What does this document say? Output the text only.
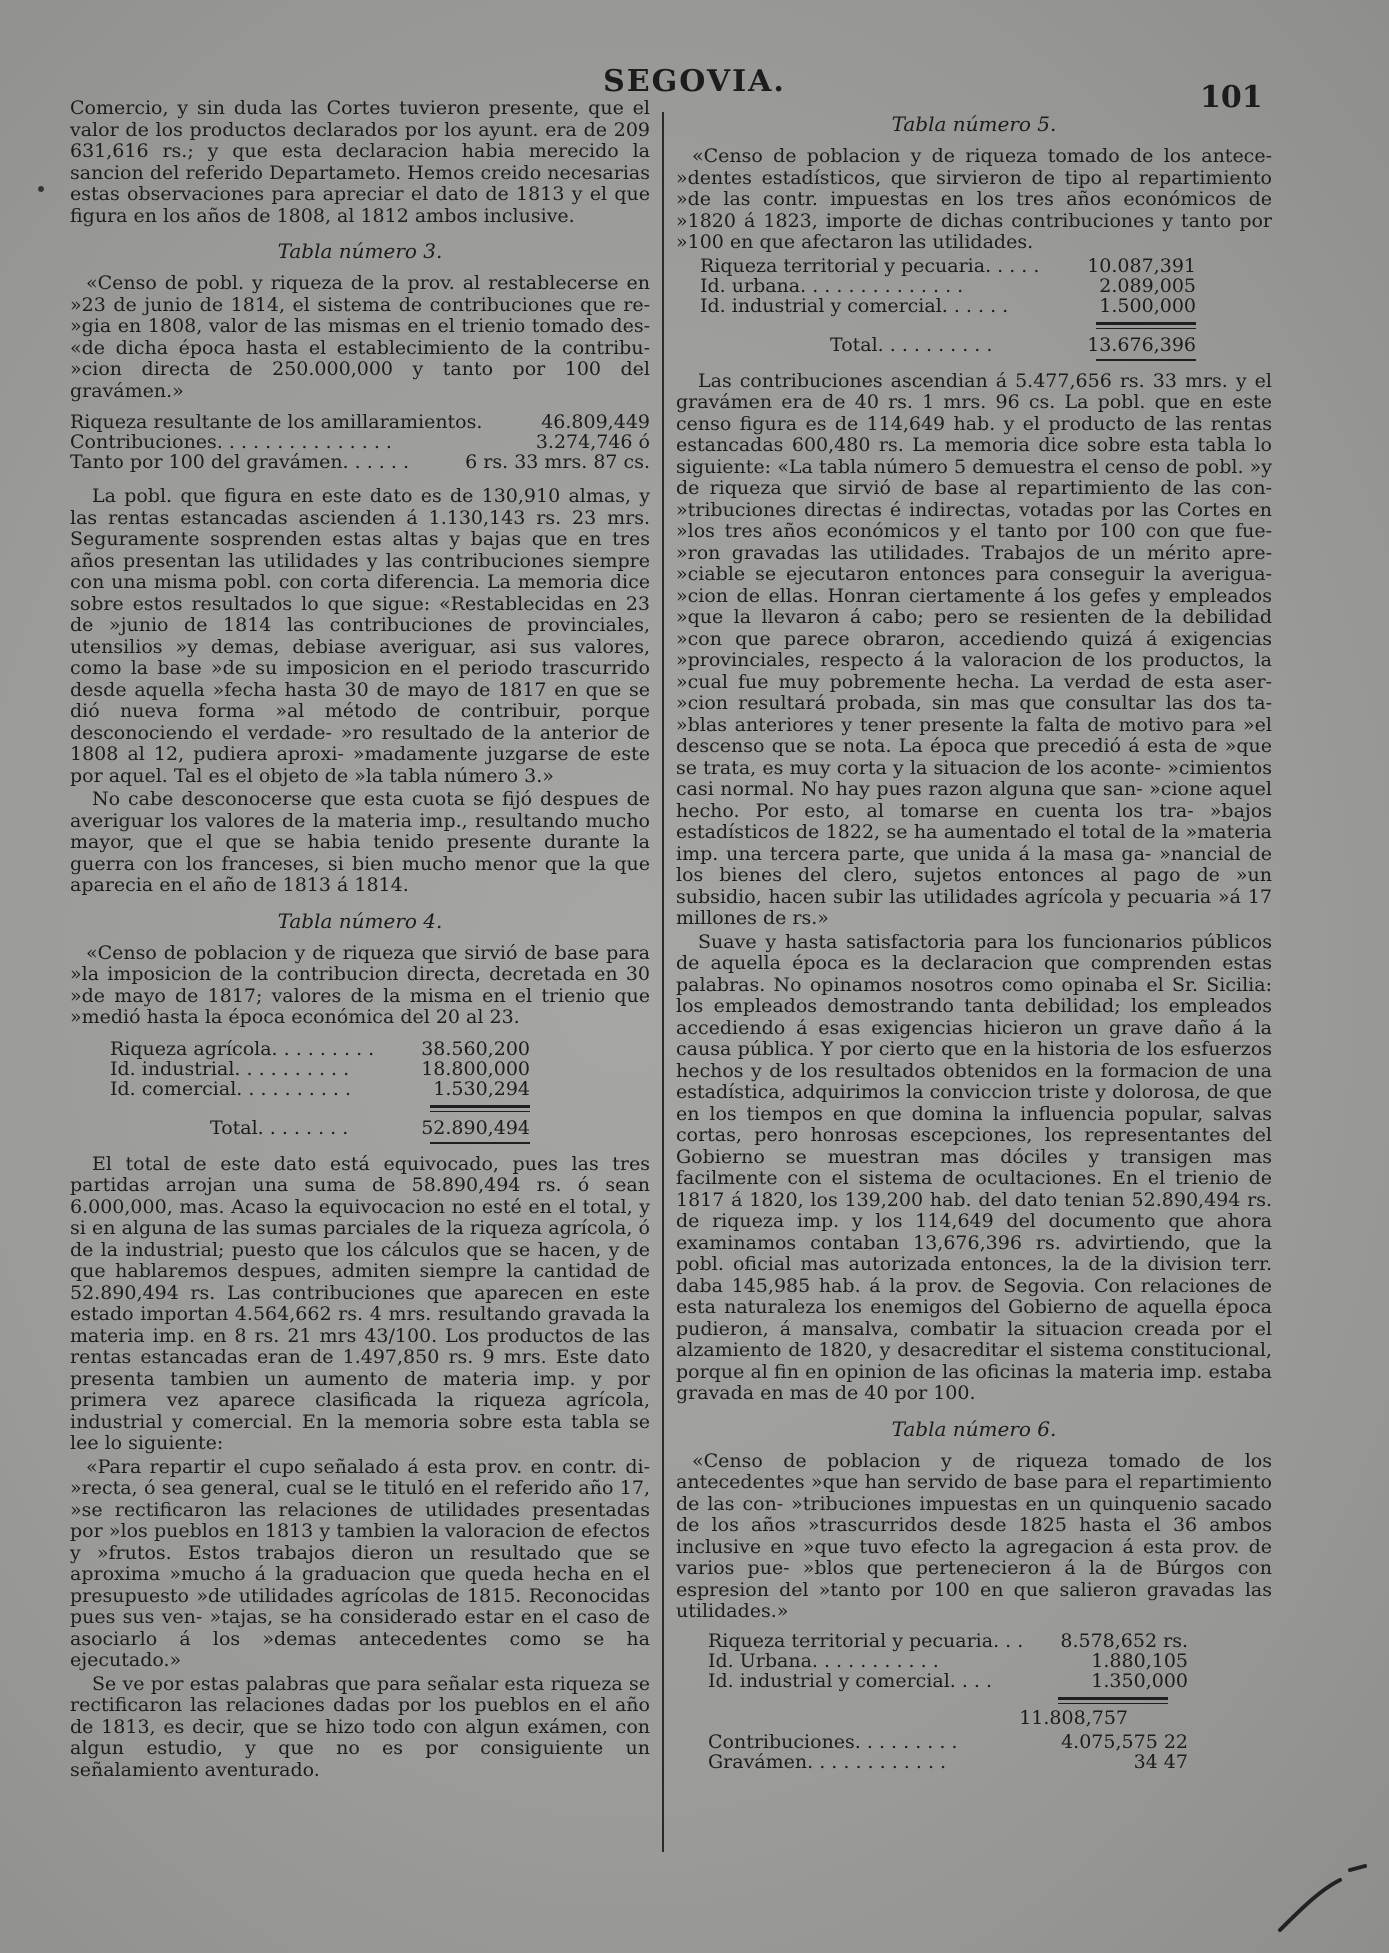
SEGOVIA.	101

Comercio, y sin duda las Cortes tuvieron presente, que el valor de los productos declarados por los ayunt. era de 209 631,616 rs.; y que esta declaracion habia merecido la sancion del referido Departameto. Hemos creido necesarias estas observaciones para apreciar el dato de 1813 y el que figura en los años de 1808, al 1812 ambos inclusive.

Tabla número 3.

«Censo de pobl. y riqueza de la prov. al restablecerse en »23 de junio de 1814, el sistema de contribuciones que re- »gia en 1808, valor de las mismas en el trienio tomado des- «de dicha época hasta el establecimiento de la contribu- »cion directa de 250.000,000 y tanto por 100 del gravámen.»

Riqueza resultante de los amillaramientos.	46.809,449
Contribuciones. . . . . . . . . . . . . . .	3.274,746 ó
Tanto por 100 del gravámen. . . . . .	6 rs. 33 mrs. 87 cs.

La pobl. que figura en este dato es de 130,910 almas, y las rentas estancadas ascienden á 1.130,143 rs. 23 mrs. Seguramente sosprenden estas altas y bajas que en tres años presentan las utilidades y las contribuciones siempre con una misma pobl. con corta diferencia. La memoria dice sobre estos resultados lo que sigue: «Restablecidas en 23 de »junio de 1814 las contribuciones de provinciales, utensilios »y demas, debiase averiguar, asi sus valores, como la base »de su imposicion en el periodo trascurrido desde aquella »fecha hasta 30 de mayo de 1817 en que se dió nueva forma »al método de contribuir, porque desconociendo el verdade- »ro resultado de la anterior de 1808 al 12, pudiera aproxi- »madamente juzgarse de este por aquel. Tal es el objeto de »la tabla número 3.»

No cabe desconocerse que esta cuota se fijó despues de averiguar los valores de la materia imp., resultando mucho mayor, que el que se habia tenido presente durante la guerra con los franceses, si bien mucho menor que la que aparecia en el año de 1813 á 1814.

Tabla número 4.

«Censo de poblacion y de riqueza que sirvió de base para »la imposicion de la contribucion directa, decretada en 30 »de mayo de 1817; valores de la misma en el trienio que »medió hasta la época económica del 20 al 23.

Riqueza agrícola. . . . . . . . . 38.560,200
Id. industrial. . . . . . . . . .	18.800,000
Id. comercial. . . . . . . . . .	1.530,294
Total. . . . . . . .	52.890,494

El total de este dato está equivocado, pues las tres partidas arrojan una suma de 58.890,494 rs. ó sean 6.000,000, mas. Acaso la equivocacion no esté en el total, y si en alguna de las sumas parciales de la riqueza agrícola, ó de la industrial; puesto que los cálculos que se hacen, y de que hablaremos despues, admiten siempre la cantidad de 52.890,494 rs. Las contribuciones que aparecen en este estado importan 4.564,662 rs. 4 mrs. resultando gravada la materia imp. en 8 rs. 21 mrs 43/100. Los productos de las rentas estancadas eran de 1.497,850 rs. 9 mrs. Este dato presenta tambien un aumento de materia imp. y por primera vez aparece clasificada la riqueza agrícola, industrial y comercial. En la memoria sobre esta tabla se lee lo siguiente:

«Para repartir el cupo señalado á esta prov. en contr. di- »recta, ó sea general, cual se le tituló en el referido año 17, »se rectificaron las relaciones de utilidades presentadas por »los pueblos en 1813 y tambien la valoracion de efectos y »frutos. Estos trabajos dieron un resultado que se aproxima »mucho á la graduacion que queda hecha en el presupuesto »de utilidades agrícolas de 1815. Reconocidas pues sus ven- »tajas, se ha considerado estar en el caso de asociarlo á los »demas antecedentes como se ha ejecutado.»

Se ve por estas palabras que para señalar esta riqueza se rectificaron las relaciones dadas por los pueblos en el año de 1813, es decir, que se hizo todo con algun exámen, con algun estudio, y que no es por consiguiente un señalamiento aventurado.

Tabla número 5.

«Censo de poblacion y de riqueza tomado de los antece- »dentes estadísticos, que sirvieron de tipo al repartimiento »de las contr. impuestas en los tres años económicos de »1820 á 1823, importe de dichas contribuciones y tanto por »100 en que afectaron las utilidades.

Riqueza territorial y pecuaria. . . . .	10.087,391
Id. urbana. . . . . . . . . . . . . .	2.089,005
Id. industrial y comercial. . . . . .	1.500,000
Total. . . . . . . . . .	13.676,396

Las contribuciones ascendian á 5.477,656 rs. 33 mrs. y el gravámen era de 40 rs. 1 mrs. 96 cs. La pobl. que en este censo figura es de 114,649 hab. y el producto de las rentas estancadas 600,480 rs. La memoria dice sobre esta tabla lo siguiente: «La tabla número 5 demuestra el censo de pobl. »y de riqueza que sirvió de base al repartimiento de las con- »tribuciones directas é indirectas, votadas por las Cortes en »los tres años económicos y el tanto por 100 con que fue- »ron gravadas las utilidades. Trabajos de un mérito apre- »ciable se ejecutaron entonces para conseguir la averigua- »cion de ellas. Honran ciertamente á los gefes y empleados »que la llevaron á cabo; pero se resienten de la debilidad »con que parece obraron, accediendo quizá á exigencias »provinciales, respecto á la valoracion de los productos, la »cual fue muy pobremente hecha. La verdad de esta aser- »cion resultará probada, sin mas que consultar las dos ta- »blas anteriores y tener presente la falta de motivo para »el descenso que se nota. La época que precedió á esta de »que se trata, es muy corta y la situacion de los aconte- »cimientos casi normal. No hay pues razon alguna que san- »cione aquel hecho. Por esto, al tomarse en cuenta los tra- »bajos estadísticos de 1822, se ha aumentado el total de la »materia imp. una tercera parte, que unida á la masa ga- »nancial de los bienes del clero, sujetos entonces al pago de »un subsidio, hacen subir las utilidades agrícola y pecuaria »á 17 millones de rs.»

Suave y hasta satisfactoria para los funcionarios públicos de aquella época es la declaracion que comprenden estas palabras. No opinamos nosotros como opinaba el Sr. Sicilia: los empleados demostrando tanta debilidad; los empleados accediendo á esas exigencias hicieron un grave daño á la causa pública. Y por cierto que en la historia de los esfuerzos hechos y de los resultados obtenidos en la formacion de una estadística, adquirimos la conviccion triste y dolorosa, de que en los tiempos en que domina la influencia popular, salvas cortas, pero honrosas escepciones, los representantes del Gobierno se muestran mas dóciles y transigen mas facilmente con el sistema de ocultaciones. En el trienio de 1817 á 1820, los 139,200 hab. del dato tenian 52.890,494 rs. de riqueza imp. y los 114,649 del documento que ahora examinamos contaban 13,676,396 rs. advirtiendo, que la pobl. oficial mas autorizada entonces, la de la division terr. daba 145,985 hab. á la prov. de Segovia. Con relaciones de esta naturaleza los enemigos del Gobierno de aquella época pudieron, á mansalva, combatir la situacion creada por el alzamiento de 1820, y desacreditar el sistema constitucional, porque al fin en opinion de las oficinas la materia imp. estaba gravada en mas de 40 por 100.

Tabla número 6.

«Censo de poblacion y de riqueza tomado de los antecedentes »que han servido de base para el repartimiento de las con- »tribuciones impuestas en un quinquenio sacado de los años »trascurridos desde 1825 hasta el 36 ambos inclusive en »que tuvo efecto la agregacion á esta prov. de varios pue- »blos que pertenecieron á la de Búrgos con espresion del »tanto por 100 en que salieron gravadas las utilidades.»

Riqueza territorial y pecuaria. . . 8.578,652 rs.
Id. Urbana. . . . . . . . . . .	1.880,105
Id. industrial y comercial. . . .	1.350,000
11.808,757
Contribuciones. . . . . . . . .	4.075,575 22
Gravámen. . . . . . . . . . . .	34 47
